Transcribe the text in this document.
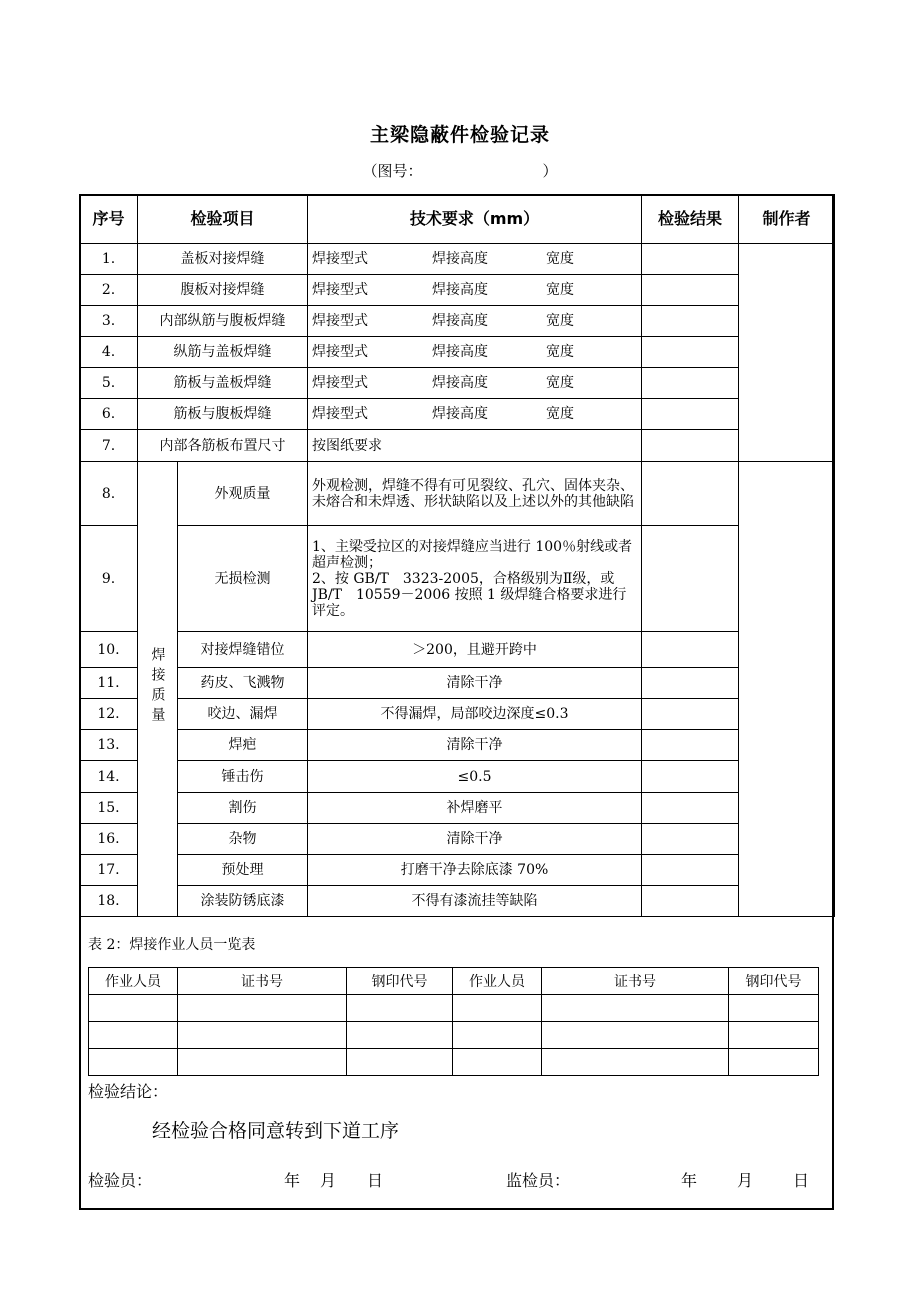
主梁隐蔽件检验记录
（图号：	）
序号	检验项目		技术要求（mm）	检验结果	制作者
1.	盖板对接焊缝		焊接型式 焊接高度 宽度		
2.	腹板对接焊缝		焊接型式 焊接高度 宽度		
3.	内部纵筋与腹板焊缝		焊接型式 焊接高度 宽度		
4.	纵筋与盖板焊缝		焊接型式 焊接高度 宽度		
5.	筋板与盖板焊缝		焊接型式 焊接高度 宽度		
6.	筋板与腹板焊缝		焊接型式 焊接高度 宽度		
7.	内部各筋板布置尺寸		按图纸要求		
8.	焊接质量	外观质量	外观检测，焊缝不得有可见裂纹、孔穴、固体夹杂、未熔合和未焊透、形状缺陷以及上述以外的其他缺陷		
9.		无损检测	1、主梁受拉区的对接焊缝应当进行 100％射线或者超声检测；
2、按 GB/T　3323-2005，合格级别为Ⅱ级，或 JB/T　10559－2006 按照 1 级焊缝合格要求进行评定。		

10.		对接焊缝错位	＞200，且避开跨中		
11.		药皮、飞溅物	清除干净		
12.		咬边、漏焊	不得漏焊，局部咬边深度≤0.3		
13.		焊疤	清除干净		
14.		锤击伤	≤0.5		
15.		割伤	补焊磨平		
16.		杂物	清除干净		
17.		预处理	打磨干净去除底漆 70%		
18.		涂装防锈底漆	不得有漆流挂等缺陷		
表 2：焊接作业人员一览表
作业人员	证书号	钢印代号	作业人员	证书号	钢印代号

检验结论：
经检验合格同意转到下道工序
检验员：	年 月 日	监检员：	年 月 日
